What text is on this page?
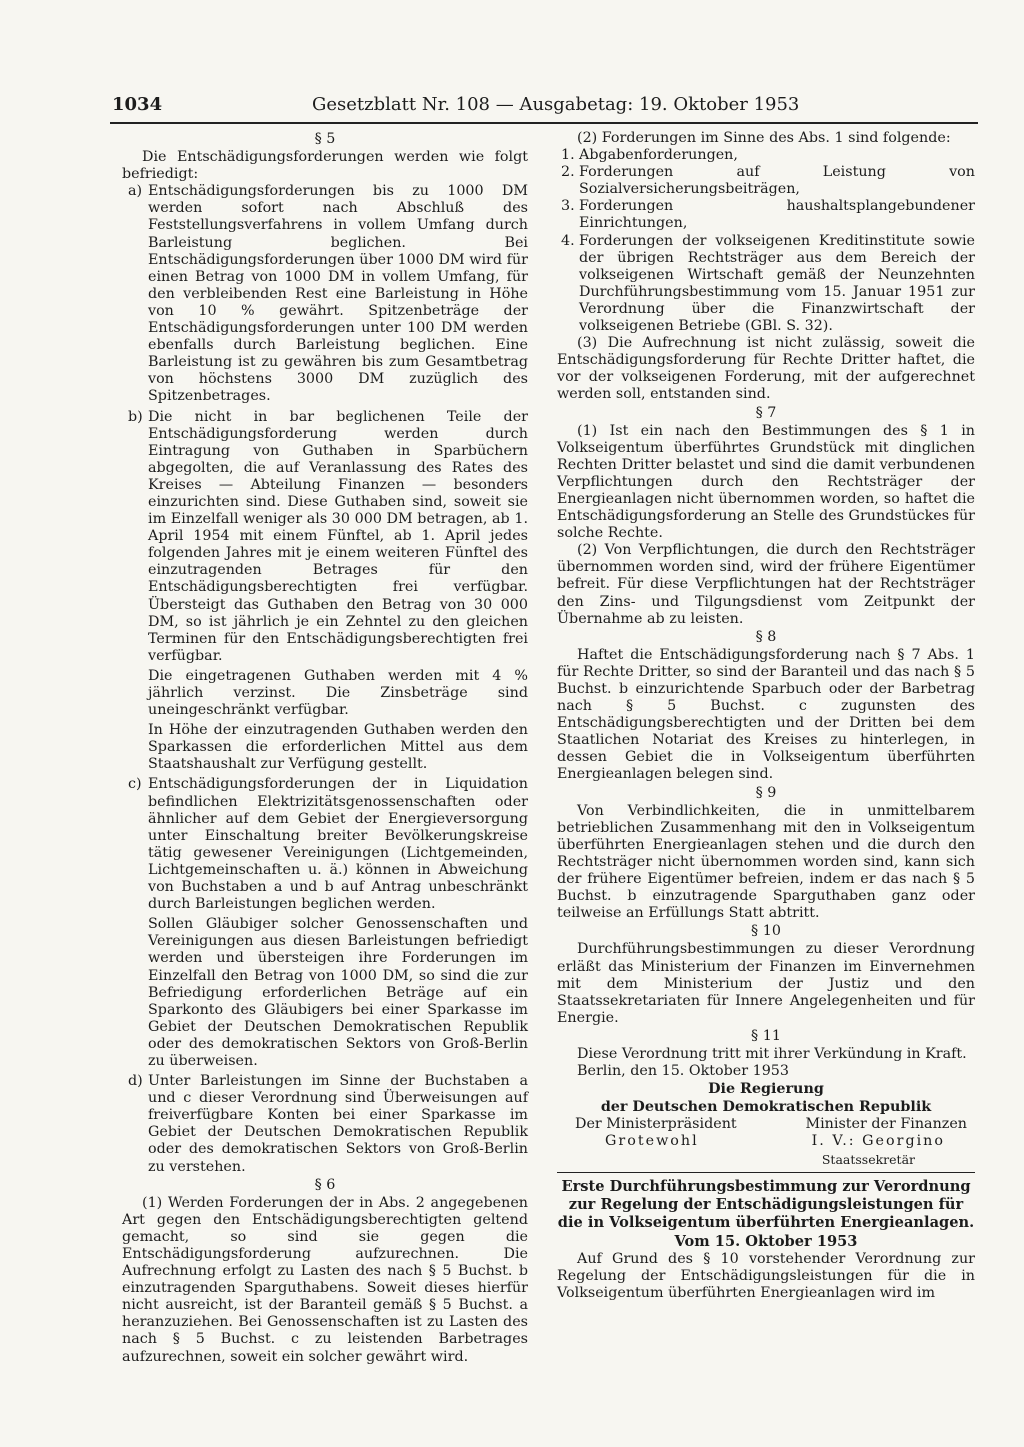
1034	Gesetzblatt Nr. 108 — Ausgabetag: 19. Oktober 1953

§ 5

Die Entschädigungsforderungen werden wie folgt befriedigt:

a) Entschädigungsforderungen bis zu 1000 DM werden sofort nach Abschluß des Feststellungsverfahrens in vollem Umfang durch Barleistung beglichen. Bei Entschädigungsforderungen über 1000 DM wird für einen Betrag von 1000 DM in vollem Umfang, für den verbleibenden Rest eine Barleistung in Höhe von 10 % gewährt. Spitzenbeträge der Entschädigungsforderungen unter 100 DM werden ebenfalls durch Barleistung beglichen. Eine Barleistung ist zu gewähren bis zum Gesamtbetrag von höchstens 3000 DM zuzüglich des Spitzenbetrages.

b) Die nicht in bar beglichenen Teile der Entschädigungsforderung werden durch Eintragung von Guthaben in Sparbüchern abgegolten, die auf Veranlassung des Rates des Kreises — Abteilung Finanzen — besonders einzurichten sind. Diese Guthaben sind, soweit sie im Einzelfall weniger als 30 000 DM betragen, ab 1. April 1954 mit einem Fünftel, ab 1. April jedes folgenden Jahres mit je einem weiteren Fünftel des einzutragenden Betrages für den Entschädigungsberechtigten frei verfügbar. Übersteigt das Guthaben den Betrag von 30 000 DM, so ist jährlich je ein Zehntel zu den gleichen Terminen für den Entschädigungsberechtigten frei verfügbar.

Die eingetragenen Guthaben werden mit 4 % jährlich verzinst. Die Zinsbeträge sind uneingeschränkt verfügbar.

In Höhe der einzutragenden Guthaben werden den Sparkassen die erforderlichen Mittel aus dem Staatshaushalt zur Verfügung gestellt.

c) Entschädigungsforderungen der in Liquidation befindlichen Elektrizitätsgenossenschaften oder ähnlicher auf dem Gebiet der Energieversorgung unter Einschaltung breiter Bevölkerungskreise tätig gewesener Vereinigungen (Lichtgemeinden, Lichtgemeinschaften u. ä.) können in Abweichung von Buchstaben a und b auf Antrag unbeschränkt durch Barleistungen beglichen werden.

Sollen Gläubiger solcher Genossenschaften und Vereinigungen aus diesen Barleistungen befriedigt werden und übersteigen ihre Forderungen im Einzelfall den Betrag von 1000 DM, so sind die zur Befriedigung erforderlichen Beträge auf ein Sparkonto des Gläubigers bei einer Sparkasse im Gebiet der Deutschen Demokratischen Republik oder des demokratischen Sektors von Groß-Berlin zu überweisen.

d) Unter Barleistungen im Sinne der Buchstaben a und c dieser Verordnung sind Überweisungen auf freiverfügbare Konten bei einer Sparkasse im Gebiet der Deutschen Demokratischen Republik oder des demokratischen Sektors von Groß-Berlin zu verstehen.

§ 6

(1) Werden Forderungen der in Abs. 2 angegebenen Art gegen den Entschädigungsberechtigten geltend gemacht, so sind sie gegen die Entschädigungsforderung aufzurechnen. Die Aufrechnung erfolgt zu Lasten des nach § 5 Buchst. b einzutragenden Sparguthabens. Soweit dieses hierfür nicht ausreicht, ist der Baranteil gemäß § 5 Buchst. a heranzuziehen. Bei Genossenschaften ist zu Lasten des nach § 5 Buchst. c zu leistenden Barbetrages aufzurechnen, soweit ein solcher gewährt wird.

(2) Forderungen im Sinne des Abs. 1 sind folgende:

1. Abgabenforderungen,

2. Forderungen auf Leistung von Sozialversicherungsbeiträgen,

3. Forderungen haushaltsplangebundener Einrichtungen,

4. Forderungen der volkseigenen Kreditinstitute sowie der übrigen Rechtsträger aus dem Bereich der volkseigenen Wirtschaft gemäß der Neunzehnten Durchführungsbestimmung vom 15. Januar 1951 zur Verordnung über die Finanzwirtschaft der volkseigenen Betriebe (GBl. S. 32).

(3) Die Aufrechnung ist nicht zulässig, soweit die Entschädigungsforderung für Rechte Dritter haftet, die vor der volkseigenen Forderung, mit der aufgerechnet werden soll, entstanden sind.

§ 7

(1) Ist ein nach den Bestimmungen des § 1 in Volkseigentum überführtes Grundstück mit dinglichen Rechten Dritter belastet und sind die damit verbundenen Verpflichtungen durch den Rechtsträger der Energieanlagen nicht übernommen worden, so haftet die Entschädigungsforderung an Stelle des Grundstückes für solche Rechte.

(2) Von Verpflichtungen, die durch den Rechtsträger übernommen worden sind, wird der frühere Eigentümer befreit. Für diese Verpflichtungen hat der Rechtsträger den Zins- und Tilgungsdienst vom Zeitpunkt der Übernahme ab zu leisten.

§ 8

Haftet die Entschädigungsforderung nach § 7 Abs. 1 für Rechte Dritter, so sind der Baranteil und das nach § 5 Buchst. b einzurichtende Sparbuch oder der Barbetrag nach § 5 Buchst. c zugunsten des Entschädigungsberechtigten und der Dritten bei dem Staatlichen Notariat des Kreises zu hinterlegen, in dessen Gebiet die in Volkseigentum überführten Energieanlagen belegen sind.

§ 9

Von Verbindlichkeiten, die in unmittelbarem betrieblichen Zusammenhang mit den in Volkseigentum überführten Energieanlagen stehen und die durch den Rechtsträger nicht übernommen worden sind, kann sich der frühere Eigentümer befreien, indem er das nach § 5 Buchst. b einzutragende Sparguthaben ganz oder teilweise an Erfüllungs Statt abtritt.

§ 10

Durchführungsbestimmungen zu dieser Verordnung erläßt das Ministerium der Finanzen im Einvernehmen mit dem Ministerium der Justiz und den Staatssekretariaten für Innere Angelegenheiten und für Energie.

§ 11

Diese Verordnung tritt mit ihrer Verkündung in Kraft.

Berlin, den 15. Oktober 1953

Die Regierung

der Deutschen Demokratischen Republik

Der Ministerpräsident	Minister der Finanzen
Grotewohl	I. V.: Georgino

Staatssekretär

Erste Durchführungsbestimmung zur Verordnung zur Regelung der Entschädigungsleistungen für die in Volkseigentum überführten Energieanlagen.

Vom 15. Oktober 1953

Auf Grund des § 10 vorstehender Verordnung zur Regelung der Entschädigungsleistungen für die in Volkseigentum überführten Energieanlagen wird im
